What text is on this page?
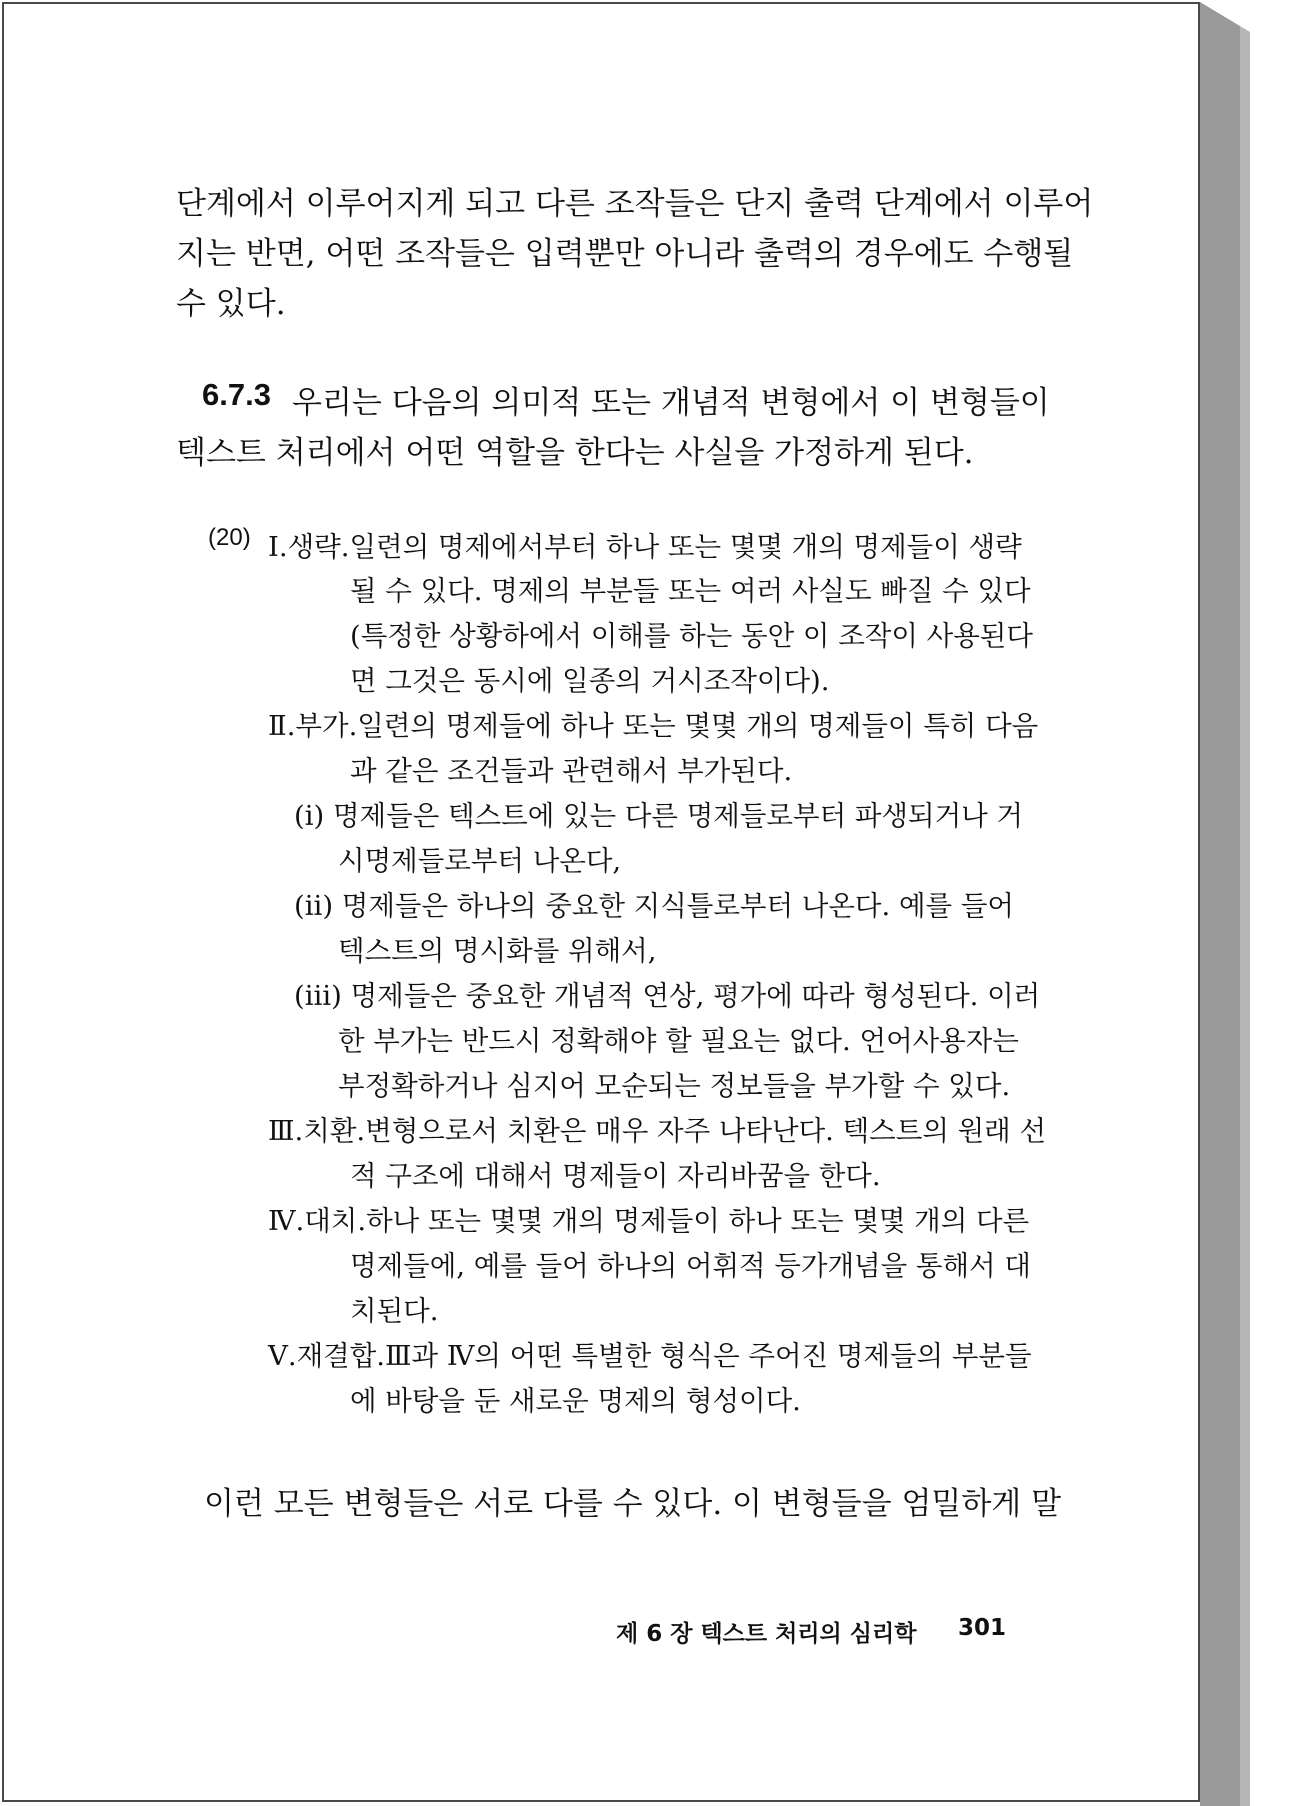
단계에서 이루어지게 되고 다른 조작들은 단지 출력 단계에서 이루어
지는 반면, 어떤 조작들은 입력뿐만 아니라 출력의 경우에도 수행될
수 있다.
6.7.3 우리는 다음의 의미적 또는 개념적 변형에서 이 변형들이
텍스트 처리에서 어떤 역할을 한다는 사실을 가정하게 된다.
(20) Ⅰ.생략.일련의 명제에서부터 하나 또는 몇몇 개의 명제들이 생략
될 수 있다. 명제의 부분들 또는 여러 사실도 빠질 수 있다
(특정한 상황하에서 이해를 하는 동안 이 조작이 사용된다
면 그것은 동시에 일종의 거시조작이다).
Ⅱ.부가.일련의 명제들에 하나 또는 몇몇 개의 명제들이 특히 다음
과 같은 조건들과 관련해서 부가된다.
(ⅰ) 명제들은 텍스트에 있는 다른 명제들로부터 파생되거나 거
시명제들로부터 나온다,
(ⅱ) 명제들은 하나의 중요한 지식틀로부터 나온다. 예를 들어
텍스트의 명시화를 위해서,
(ⅲ) 명제들은 중요한 개념적 연상, 평가에 따라 형성된다. 이러
한 부가는 반드시 정확해야 할 필요는 없다. 언어사용자는
부정확하거나 심지어 모순되는 정보들을 부가할 수 있다.
Ⅲ.치환.변형으로서 치환은 매우 자주 나타난다. 텍스트의 원래 선
적 구조에 대해서 명제들이 자리바꿈을 한다.
Ⅳ.대치.하나 또는 몇몇 개의 명제들이 하나 또는 몇몇 개의 다른
명제들에, 예를 들어 하나의 어휘적 등가개념을 통해서 대
치된다.
Ⅴ.재결합.Ⅲ과 Ⅳ의 어떤 특별한 형식은 주어진 명제들의 부분들
에 바탕을 둔 새로운 명제의 형성이다.
이런 모든 변형들은 서로 다를 수 있다. 이 변형들을 엄밀하게 말
제 6 장 텍스트 처리의 심리학 301
